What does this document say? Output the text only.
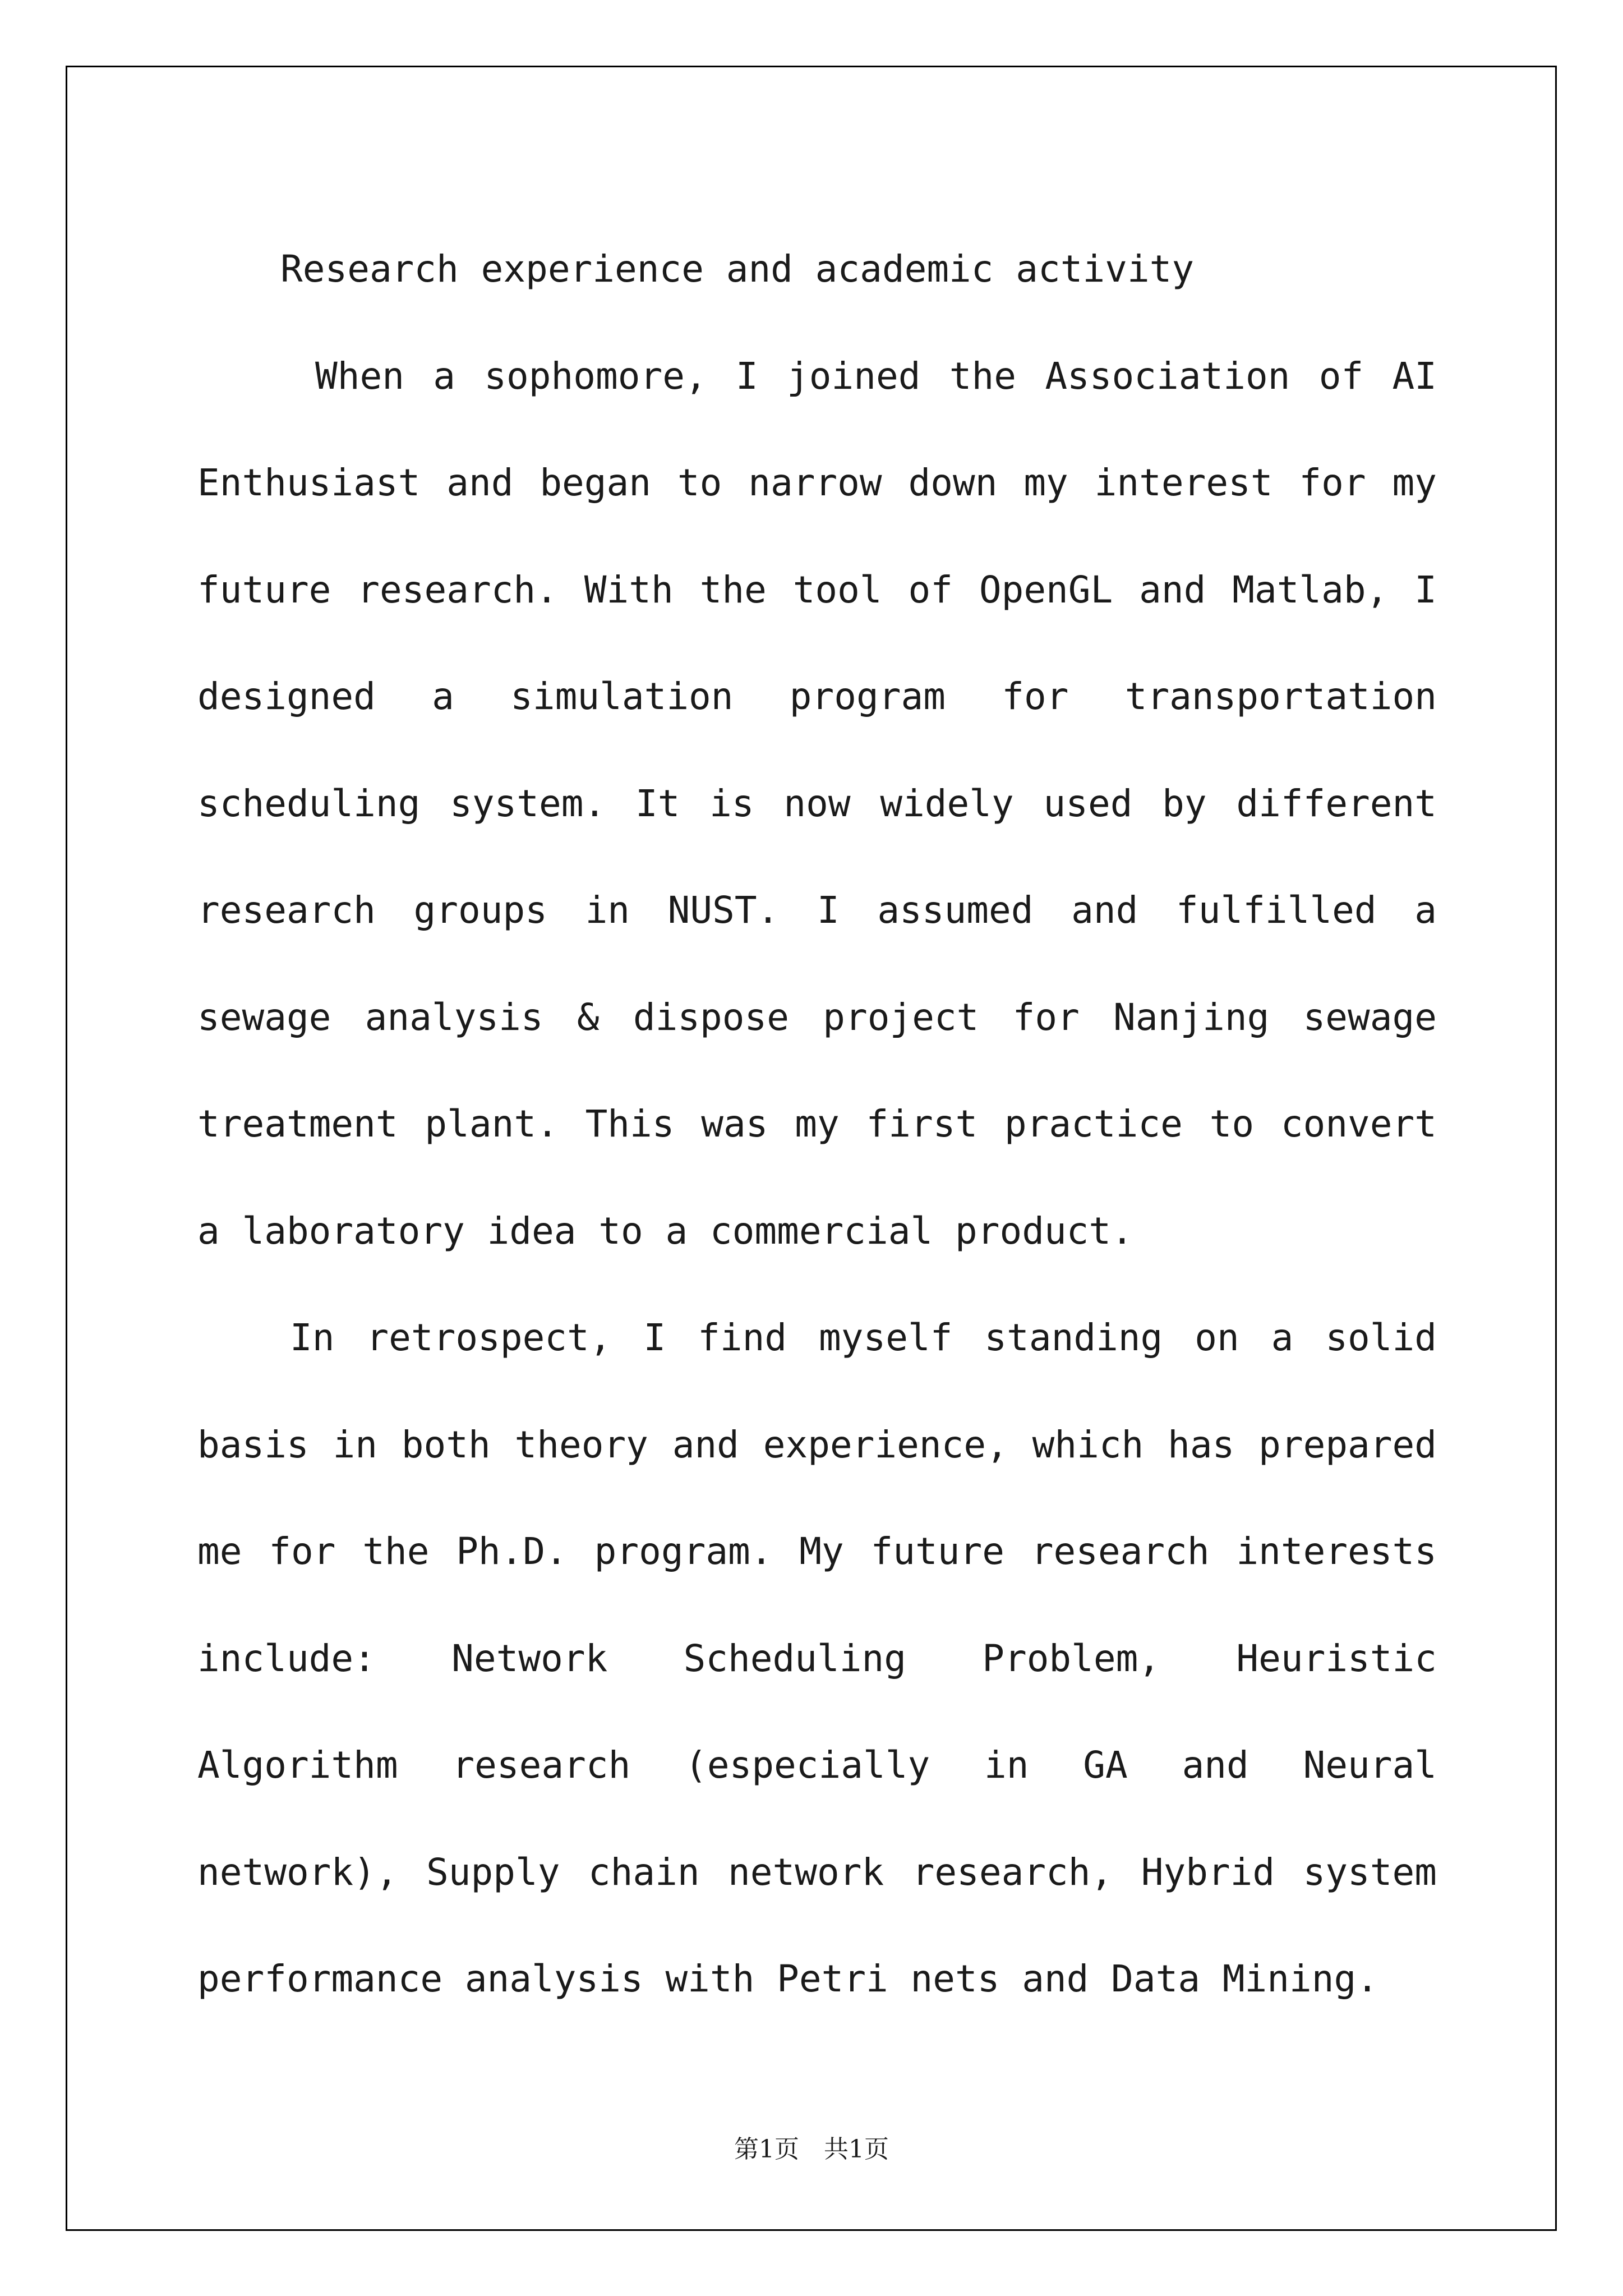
Research experience and academic activity

When a sophomore, I joined the Association of AI Enthusiast and began to narrow down my interest for my future research. With the tool of OpenGL and Matlab, I designed a simulation program for transportation scheduling system. It is now widely used by different research groups in NUST. I assumed and fulfilled a sewage analysis & dispose project for Nanjing sewage treatment plant. This was my first practice to convert a laboratory idea to a commercial product.

In retrospect, I find myself standing on a solid basis in both theory and experience, which has prepared me for the Ph.D. program. My future research interests include: Network Scheduling Problem, Heuristic Algorithm research (especially in GA and Neural network), Supply chain network research, Hybrid system performance analysis with Petri nets and Data Mining.

第1页　共1页
